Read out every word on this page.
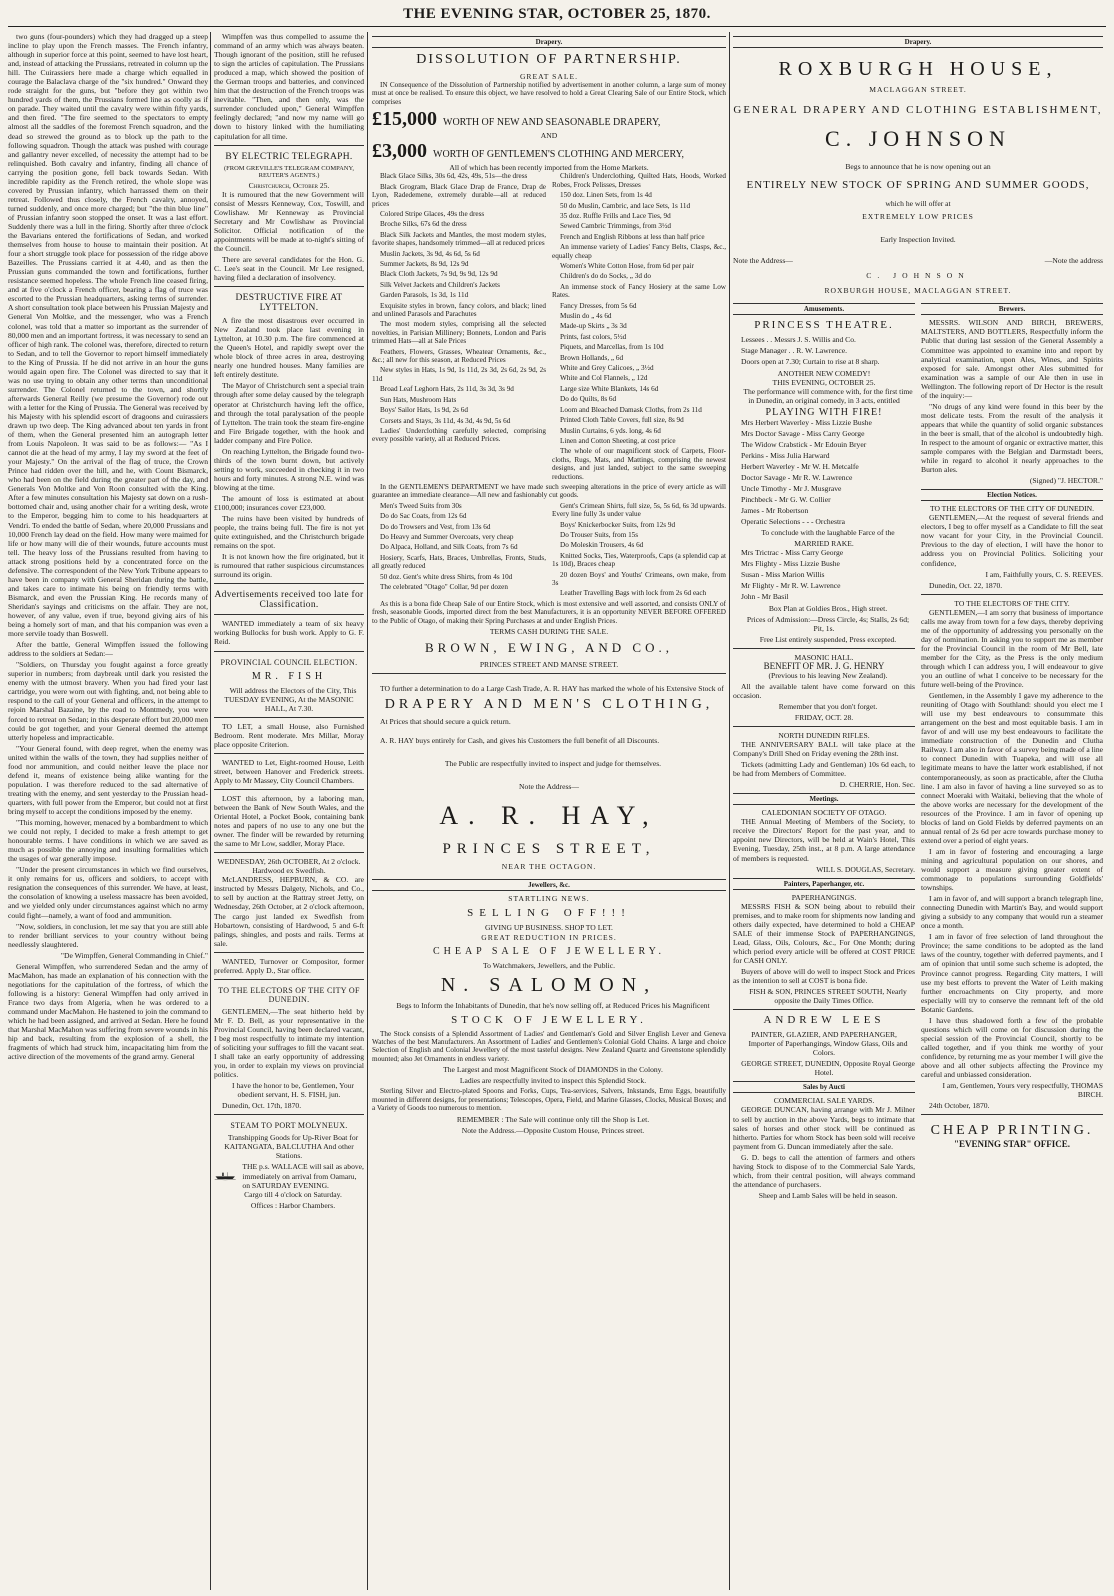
THE EVENING STAR, OCTOBER 25, 1870.

two guns (four-pounders) which they had dragged up a steep incline to play upon the French masses. The French infantry, although in superior force at this point, seemed to have lost heart, and, instead of attacking the Prussians, retreated in column up the hill. The Cuirassiers here made a charge which equalled in courage the Balaclava charge of the "six hundred." Onward they rode straight for the guns, but "before they got within two hundred yards of them, the Prussians formed line as coolly as if on parade. They waited until the cavalry were within fifty yards, and then fired. "The fire seemed to the spectators to empty almost all the saddles of the foremost French squadron, and the dead so strewed the ground as to block up the path to the following squadron. Though the attack was pushed with courage and gallantry never excelled, of necessity the attempt had to be relinquished. Both cavalry and infantry, finding all chance of carrying the position gone, fell back towards Sedan. With incredible rapidity as the French retired, the whole slope was covered by Prussian infantry, which harrassed them on their retreat. Followed thus closely, the French cavalry, annoyed, turned suddenly, and once more charged; but "the thin blue line" of Prussian infantry soon stopped the onset. It was a last effort. Suddenly there was a lull in the firing. Shortly after three o'clock the Bavarians entered the fortifications of Sedan, and worked themselves from house to house to maintain their position. At four a short struggle took place for possession of the ridge above Bazeilles. The Prussians carried it at 4.40, and as then the Prussian guns commanded the town and fortifications, further resistance seemed hopeless. The whole French line ceased firing, and at five o'clock a French officer, bearing a flag of truce was escorted to the Prussian headquarters, asking terms of surrender. A short consultation took place between his Prussian Majesty and General Von Moltke, and the messenger, who was a French colonel, was told that a matter so important as the surrender of 80,000 men and an important fortress, it was necessary to send an officer of high rank. The colonel was, therefore, directed to return to Sedan, and to tell the Governor to report himself immediately to the King of Prussia. If he did not arrive in an hour the guns would again open fire. The Colonel was directed to say that it was no use trying to obtain any other terms than unconditional surrender. The Colonel returned to the town, and shortly afterwards General Reilly (we presume the Governor) rode out with a letter for the King of Prussia. The General was received by his Majesty with his splendid escort of dragoons and cuirassiers drawn up two deep. The King advanced about ten yards in front of them, when the General presented him an autograph letter from Louis Napoleon. It was said to be as follows:— "As I cannot die at the head of my army, I lay my sword at the feet of your Majesty." On the arrival of the flag of truce, the Crown Prince had ridden over the hill, and he, with Count Bismarck, who had been on the field during the greater part of the day, and Generals Von Moltke and Von Roon consulted with the King. After a few minutes consultation his Majesty sat down on a rush-bottomed chair and, using another chair for a writing desk, wrote to the Emperor, begging him to come to his headquarters at Vendri. To ended the battle of Sedan, where 20,000 Prussians and 10,000 French lay dead on the field. How many were maimed for life or how many will die of their wounds, future accounts must tell. The heavy loss of the Prussians resulted from having to attack strong positions held by a concentrated force on the defensive. The correspondent of the New York Tribune appears to have been in company with General Sheridan during the battle, and takes care to intimate his being on friendly terms with Bismarck, and even the Prussian King. He records many of Sheridan's sayings and criticisms on the affair. They are not, however, of any value, even if true, beyond giving airs of his being a homely sort of man, and that his companion was even a more servile toady than Boswell.

After the battle, General Wimpffen issued the following address to the soldiers at Sedan:—

"Soldiers, on Thursday you fought against a force greatly superior in numbers; from daybreak until dark you resisted the enemy with the utmost bravery. When you had fired your last cartridge, you were worn out with fighting, and, not being able to respond to the call of your General and officers, in the attempt to rejoin Marshal Bazaine, by the road to Montmedy, you were forced to retreat on Sedan; in this desperate effort but 20,000 men could be got together, and your General deemed the attempt utterly hopeless and impracticable.

"Your General found, with deep regret, when the enemy was united within the walls of the town, they had supplies neither of food nor ammunition, and could neither leave the place nor defend it, means of existence being alike wanting for the population. I was therefore reduced to the sad alternative of treating with the enemy, and sent yesterday to the Prussian head-quarters, with full power from the Emperor, but could not at first bring myself to accept the conditions imposed by the enemy.

"This morning, however, menaced by a bombardment to which we could not reply, I decided to make a fresh attempt to get honourable terms. I have conditions in which we are saved as much as possible the annoying and insulting formalities which the usages of war generally impose.

"Under the present circumstances in which we find ourselves, it only remains for us, officers and soldiers, to accept with resignation the consequences of this surrender. We have, at least, the consolation of knowing a useless massacre has been avoided, and we yielded only under circumstances against which no army could fight—namely, a want of food and ammunition.

"Now, soldiers, in conclusion, let me say that you are still able to render brilliant services to your country without being needlessly slaughtered.

"De Wimpffen, General Commanding in Chief."

General Wimpffen, who surrendered Sedan and the army of MacMahon, has made an explanation of his connection with the negotiations for the capitulation of the fortress, of which the following is a history: General Wimpffen had only arrived in France two days from Algeria, when he was ordered to a command under MacMahon. He hastened to join the command to which he had been assigned, and arrived at Sedan. Here he found that Marshal MacMahon was suffering from severe wounds in his hip and back, resulting from the explosion of a shell, the fragments of which had struck him, incapacitating him from the active direction of the movements of the grand army. General

Wimpffen was thus compelled to assume the command of an army which was always beaten. Though ignorant of the position, still he refused to sign the articles of capitulation. The Prussians produced a map, which showed the position of the German troops and batteries, and convinced him that the destruction of the French troops was inevitable. "Then, and then only, was the surrender concluded upon," General Wimpffen feelingly declared; "and now my name will go down to history linked with the humiliating capitulation for all time.

BY ELECTRIC TELEGRAPH.
(FROM GREVILLE'S TELEGRAM COMPANY, REUTER'S AGENTS.)
Christchurch, October 25.

It is rumoured that the new Government will consist of Messrs Kenneway, Cox, Toswill, and Cowlishaw. Mr Kenneway as Provincial Secretary and Mr Cowlishaw as Provincial Solicitor. Official notification of the appointments will be made at to-night's sitting of the Council.

There are several candidates for the Hon. G. C. Lee's seat in the Council. Mr Lee resigned, having filed a declaration of insolvency.

DESTRUCTIVE FIRE AT LYTTELTON.

A fire the most disastrous ever occurred in New Zealand took place last evening in Lyttelton, at 10.30 p.m. The fire commenced at the Queen's Hotel, and rapidly swept over the whole block of three acres in area, destroying nearly one hundred houses. Many families are left entirely destitute.

The Mayor of Christchurch sent a special train through after some delay caused by the telegraph operator at Christchurch having left the office, and through the total paralysation of the people of Lyttelton. The train took the steam fire-engine and Fire Brigade together, with the hook and ladder company and Fire Police.

On reaching Lyttelton, the Brigade found two-thirds of the town burnt down, but actively setting to work, succeeded in checking it in two hours and forty minutes. A strong N.E. wind was blowing at the time.

The amount of loss is estimated at about £100,000; insurances cover £23,000.

The ruins have been visited by hundreds of people, the trains being full. The fire is not yet quite extinguished, and the Christchurch brigade remains on the spot.

It is not known how the fire originated, but it is rumoured that rather suspicious circumstances surround its origin.

Advertisements received too late for Classification.

WANTED immediately a team of six heavy working Bullocks for bush work. Apply to G. F. Reid.

PROVINCIAL COUNCIL ELECTION.
MR. FISH

Will address the Electors of the City, This TUESDAY EVENING, At the MASONIC HALL, At 7.30.

TO LET, a small House, also Furnished Bedroom. Rent moderate. Mrs Millar, Moray place opposite Criterion.

WANTED to Let, Eight-roomed House, Leith street, between Hanover and Frederick streets. Apply to Mr Massey, City Council Chambers.

LOST this afternoon, by a laboring man, between the Bank of New South Wales, and the Oriental Hotel, a Pocket Book, containing bank notes and papers of no use to any one but the owner. The finder will be rewarded by returning the same to Mr Low, saddler, Moray Place.

WEDNESDAY, 26th OCTOBER, At 2 o'clock.
Hardwood ex Swedfish.

McLANDRESS, HEPBURN, & CO. are instructed by Messrs Dalgety, Nichols, and Co., to sell by auction at the Rattray street Jetty, on Wednesday, 26th October, at 2 o'clock afternoon, The cargo just landed ex Swedfish from Hobartown, consisting of Hardwood, 5 and 6-ft palings, shingles, and posts and rails. Terms at sale.

WANTED, Turnover or Compositor, former preferred. Apply D., Star office.

TO THE ELECTORS OF THE CITY OF DUNEDIN.

GENTLEMEN,—The seat hitherto held by Mr F. D. Bell, as your representative in the Provincial Council, having been declared vacant, I beg most respectfully to intimate my intention of soliciting your suffrages to fill the vacant seat. I shall take an early opportunity of addressing you, in order to explain my views on provincial politics.

I have the honor to be, Gentlemen, Your obedient servant, H. S. FISH, jun.

Dunedin, Oct. 17th, 1870.

STEAM TO PORT MOLYNEUX.

Transhipping Goods for Up-River Boat for KAITANGATA, BALCLUTHA And other Stations.

THE p.s. WALLACE will sail as above, immediately on arrival from Oamaru, on SATURDAY EVENING.

Cargo till 4 o'clock on Saturday.

Offices : Harbor Chambers.

Drapery.
DISSOLUTION OF PARTNERSHIP.
GREAT SALE.

IN Consequence of the Dissolution of Partnership notified by advertisement in another column, a large sum of money must at once be realised. To ensure this object, we have resolved to hold a Great Clearing Sale of our Entire Stock, which comprises

£15,000 WORTH OF NEW AND SEASONABLE DRAPERY,
AND
£3,000 WORTH OF GENTLEMEN'S CLOTHING AND MERCERY,
All of which has been recently imported from the Home Markets.

Black Glace Silks, 30s 6d, 42s, 49s, 51s—the dress

Black Grogram, Black Glace Drap de France, Drap de Lyon, Radedemene, extremely durable—all at reduced prices

Colored Stripe Glaces, 49s the dress

Broche Silks, 67s 6d the dress

Black Silk Jackets and Mantles, the most modern styles, favorite shapes, handsomely trimmed—all at reduced prices

Muslin Jackets, 3s 9d, 4s 6d, 5s 6d

Summer Jackets, 8s 9d, 12s 9d

Black Cloth Jackets, 7s 9d, 9s 9d, 12s 9d

Silk Velvet Jackets and Children's Jackets

Garden Parasols, 1s 3d, 1s 11d

Exquisite styles in brown, fancy colors, and black; lined and unlined Parasols and Parachutes

The most modern styles, comprising all the selected novelties, in Parisian Millinery; Bonnets, London and Paris trimmed Hats—all at Sale Prices

Feathers, Flowers, Grasses, Wheatear Ornaments, &c., &c.; all new for this season, at Reduced Prices

New styles in Hats, 1s 9d, 1s 11d, 2s 3d, 2s 6d, 2s 9d, 2s 11d

Broad Leaf Leghorn Hats, 2s 11d, 3s 3d, 3s 9d

Sun Hats, Mushroom Hats

Boys' Sailor Hats, 1s 9d, 2s 6d

Corsets and Stays, 3s 11d, 4s 3d, 4s 9d, 5s 6d

Ladies' Underclothing carefully selected, comprising every possible variety, all at Reduced Prices.

Children's Underclothing, Quilted Hats, Hoods, Worked Robes, Frock Pelisses, Dresses

150 doz. Linen Sets, from 1s 4d

50 do Muslin, Cambric, and lace Sets, 1s 11d

35 doz. Ruffle Frills and Lace Ties, 9d

Sewed Cambric Trimmings, from 3½d

French and English Ribbons at less than half price

An immense variety of Ladies' Fancy Belts, Clasps, &c., equally cheap

Women's White Cotton Hose, from 6d per pair

Children's do do Socks, „ 3d do

An immense stock of Fancy Hosiery at the same Low Rates.

Fancy Dresses, from 5s 6d

Muslin do „ 4s 6d

Made-up Skirts „ 3s 3d

Prints, fast colors, 5½d

Piquets, and Marcellas, from 1s 10d

Brown Hollands, „ 6d

White and Grey Calicoes, „ 3½d

White and Col Flannels, „ 12d

Large size White Blankets, 14s 6d

Do do Quilts, 8s 6d

Loom and Bleached Damask Cloths, from 2s 11d

Printed Cloth Table Covers, full size, 8s 9d

Muslin Curtains, 6 yds. long, 4s 6d

Linen and Cotton Sheeting, at cost price

The whole of our magnificent stock of Carpets, Floor-cloths, Rugs, Mats, and Mattings, comprising the newest designs, and just landed, subject to the same sweeping reductions.

In the GENTLEMEN'S DEPARTMENT we have made such sweeping alterations in the price of every article as will guarantee an immediate clearance—All new and fashionably cut goods.

Men's Tweed Suits from 30s

Do do Sac Coats, from 12s 6d

Do do Trowsers and Vest, from 13s 6d

Do Heavy and Summer Overcoats, very cheap

Do Alpaca, Holland, and Silk Coats, from 7s 6d

Hosiery, Scarfs, Hats, Braces, Umbrellas, Fronts, Studs, all greatly reduced

50 doz. Gent's white dress Shirts, from 4s 10d

The celebrated "Otago" Collar, 9d per dozen

Gent's Crimean Shirts, full size, 5s, 5s 6d, 6s 3d upwards. Every line fully 3s under value

Boys' Knickerbocker Suits, from 12s 9d

Do Trouser Suits, from 15s

Do Moleskin Trousers, 4s 6d

Knitted Socks, Ties, Waterproofs, Caps (a splendid cap at 1s 10d), Braces cheap

20 dozen Boys' and Youths' Crimeans, own make, from 3s

Leather Travelling Bags with lock from 2s 6d each

As this is a bona fide Cheap Sale of our Entire Stock, which is most extensive and well assorted, and consists ONLY of fresh, seasonable Goods, imported direct from the best Manufacturers, it is an opportunity NEVER BEFORE OFFERED to the Public of Otago, of making their Spring Purchases at and under English Prices.

TERMS CASH DURING THE SALE.
BROWN, EWING, AND CO.,
PRINCES STREET AND MANSE STREET.

TO further a determination to do a Large Cash Trade, A. R. HAY has marked the whole of his Extensive Stock of

DRAPERY AND MEN'S CLOTHING,

At Prices that should secure a quick return.

A. R. HAY buys entirely for Cash, and gives his Customers the full benefit of all Discounts.

The Public are respectfully invited to inspect and judge for themselves.

Note the Address—
A. R. HAY,
PRINCES STREET,
NEAR THE OCTAGON.
Jewellers, &c.
STARTLING NEWS.
SELLING OFF!!!
GIVING UP BUSINESS. SHOP TO LET.
GREAT REDUCTION IN PRICES.
CHEAP SALE OF JEWELLERY.
To Watchmakers, Jewellers, and the Public.
N. SALOMON,

Begs to Inform the Inhabitants of Dunedin, that he's now selling off, at Reduced Prices his Magnificent

STOCK OF JEWELLERY.

The Stock consists of a Splendid Assortment of Ladies' and Gentleman's Gold and Silver English Lever and Geneva Watches of the best Manufacturers. An Assortment of Ladies' and Gentlemen's Colonial Gold Chains. A large and choice Selection of English and Colonial Jewellery of the most tasteful designs. New Zealand Quartz and Greenstone splendidly mounted; also Jet Ornaments in endless variety.

The Largest and most Magnificent Stock of DIAMONDS in the Colony.

Ladies are respectfully invited to inspect this Splendid Stock.

Sterling Silver and Electro-plated Spoons and Forks, Cups, Tea-services, Salvers, Inkstands, Emu Eggs, beautifully mounted in different designs, for presentations; Telescopes, Opera, Field, and Marine Glasses, Clocks, Musical Boxes; and a Variety of Goods too numerous to mention.

REMEMBER : The Sale will continue only till the Shop is Let.

Note the Address.—Opposite Custom House, Princes street.

Drapery.
ROXBURGH HOUSE,
MACLAGGAN STREET.
GENERAL DRAPERY AND CLOTHING ESTABLISHMENT,
C. JOHNSON
Begs to announce that he is now opening out an
ENTIRELY NEW STOCK OF SPRING AND SUMMER GOODS,
which he will offer at
EXTREMELY LOW PRICES
Early Inspection Invited.
Note the Address—	—Note the address
C. JOHNSON
ROXBURGH HOUSE, MACLAGGAN STREET.
Amusements.
PRINCESS THEATRE.

Lessees . . Messrs J. S. Willis and Co.

Stage Manager . . R. W. Lawrence.

Doors open at 7.30; Curtain to rise at 8 sharp.

ANOTHER NEW COMEDY!
THIS EVENING, OCTOBER 25.

The performance will commence with, for the first time in Dunedin, an original comedy, in 3 acts, entitled

PLAYING WITH FIRE!

Mrs Herbert Waverley - Miss Lizzie Bushe

Mrs Doctor Savage - Miss Carry George

The Widow Crabstick - Mr Edouin Bryer

Perkins - Miss Julia Harward

Herbert Waverley - Mr W. H. Metcalfe

Doctor Savage - Mr R. W. Lawrence

Uncle Timothy - Mr J. Musgrave

Pinchbeck - Mr G. W. Collier

James - Mr Robertson

Operatic Selections - - - Orchestra

To conclude with the laughable Farce of the

MARRIED RAKE.

Mrs Trictrac - Miss Carry George

Mrs Flighty - Miss Lizzie Bushe

Susan - Miss Marion Willis

Mr Flighty - Mr R. W. Lawrence

John - Mr Basil

Box Plan at Goldies Bros., High street.

Prices of Admission:—Dress Circle, 4s; Stalls, 2s 6d; Pit, 1s.

Free List entirely suspended, Press excepted.

MASONIC HALL.
BENEFIT OF MR. J. G. HENRY

(Previous to his leaving New Zealand).

All the available talent have come forward on this occasion.

Remember that you don't forget.

FRIDAY, OCT. 28.
NORTH DUNEDIN RIFLES.

THE ANNIVERSARY BALL will take place at the Company's Drill Shed on Friday evening the 28th inst.

Tickets (admitting Lady and Gentleman) 10s 6d each, to be had from Members of Committee.

D. CHERRIE, Hon. Sec.

Meetings.
CALEDONIAN SOCIETY OF OTAGO.

THE Annual Meeting of Members of the Society, to receive the Directors' Report for the past year, and to appoint new Directors, will be held at Wain's Hotel, This Evening, Tuesday, 25th inst., at 8 p.m. A large attendance of members is requested.

WILL S. DOUGLAS, Secretary.

Painters, Paperhanger, etc.
PAPERHANGINGS.

MESSRS FISH & SON being about to rebuild their premises, and to make room for shipments now landing and others daily expected, have determined to hold a CHEAP SALE of their immense Stock of PAPERHANGINGS, Lead, Glass, Oils, Colours, &c., For One Month; during which period every article will be offered at COST PRICE for CASH ONLY.

Buyers of above will do well to inspect Stock and Prices as the intention to sell at COST is bona fide.

FISH & SON, PRINCES STREET SOUTH, Nearly opposite the Daily Times Office.

ANDREW LEES
PAINTER, GLAZIER, AND PAPERHANGER,

Importer of Paperhangings, Window Glass, Oils and Colors.

GEORGE STREET, DUNEDIN, Opposite Royal George Hotel.

Sales by Aucti
COMMERCIAL SALE YARDS.

GEORGE DUNCAN, having arrange with Mr J. Milner to sell by auction in the above Yards, begs to intimate that sales of horses and other stock will be continued as hitherto. Parties for whom Stock has been sold will receive payment from G. Duncan immediately after the sale.

G. D. begs to call the attention of farmers and others having Stock to dispose of to the Commercial Sale Yards, which, from their central position, will always command the attendance of purchasers.

Sheep and Lamb Sales will be held in season.

Brewers.

MESSRS. WILSON AND BIRCH, BREWERS, MALTSTERS, AND BOTTLERS, Respectfully inform the Public that during last session of the General Assembly a Committee was appointed to examine into and report by analytical examination, upon Ales, Wines, and Spirits exposed for sale. Amongst other Ales submitted for examination was a sample of our Ale then in use in Wellington. The following report of Dr Hector is the result of the inquiry:—

"No drugs of any kind were found in this beer by the most delicate tests. From the result of the analysis it appears that while the quantity of solid organic substances in the beer is small, that of the alcohol is undoubtedly high. In respect to the amount of organic or extractive matter, this sample compares with the Belgian and Darmstadt beers, while in regard to alcohol it nearly approaches to the Burton ales.

(Signed) "J. HECTOR."

Election Notices.
TO THE ELECTORS OF THE CITY OF DUNEDIN.

GENTLEMEN,—At the request of several friends and electors, I beg to offer myself as a Candidate to fill the seat now vacant for your City, in the Provincial Council. Previous to the day of election, I will have the honor to address you on Provincial Politics. Soliciting your confidence,

I am, Faithfully yours, C. S. REEVES.

Dunedin, Oct. 22, 1870.

TO THE ELECTORS OF THE CITY.

GENTLEMEN,—I am sorry that business of importance calls me away from town for a few days, thereby depriving me of the opportunity of addressing you personally on the day of nomination. In asking you to support me as member for the Provincial Council in the room of Mr Bell, late member for the City, as the Press is the only medium through which I can address you, I will endeavour to give you an outline of what I conceive to be necessary for the future well-being of the Province.

Gentlemen, in the Assembly I gave my adherence to the reuniting of Otago with Southland: should you elect me I will use my best endeavours to consummate this arrangement on the best and most equitable basis. I am in favor of and will use my best endeavours to facilitate the immediate construction of the Dunedin and Clutha Railway. I am also in favor of a survey being made of a line to connect Dunedin with Tuapeka, and will use all legitimate means to have the latter work established, if not contemporaneously, as soon as practicable, after the Clutha line. I am also in favor of having a line surveyed so as to connect Moeraki with Waitaki, believing that the whole of the above works are necessary for the development of the resources of the Province. I am in favor of opening up blocks of land on Gold Fields by deferred payments on an annual rental of 2s 6d per acre towards purchase money to extend over a period of eight years.

I am in favor of fostering and encouraging a large mining and agricultural population on our shores, and would support a measure giving greater extent of commonage to populations surrounding Goldfields' townships.

I am in favor of, and will support a branch telegraph line, connecting Dunedin with Martin's Bay, and would support giving a subsidy to any company that would run a steamer once a month.

I am in favor of free selection of land throughout the Province; the same conditions to be adopted as the land laws of the country, together with deferred payments, and I am of opinion that until some such scheme is adopted, the Province cannot progress. Regarding City matters, I will use my best efforts to prevent the Water of Leith making further encroachments on City property, and more especially will try to conserve the remnant left of the old Botanic Gardens.

I have thus shadowed forth a few of the probable questions which will come on for discussion during the special session of the Provincial Council, shortly to be called together, and if you think me worthy of your confidence, by returning me as your member I will give the above and all other subjects affecting the Province my careful and unbiassed consideration.

I am, Gentlemen, Yours very respectfully, THOMAS BIRCH.

24th October, 1870.

CHEAP PRINTING.
"EVENING STAR" OFFICE.
